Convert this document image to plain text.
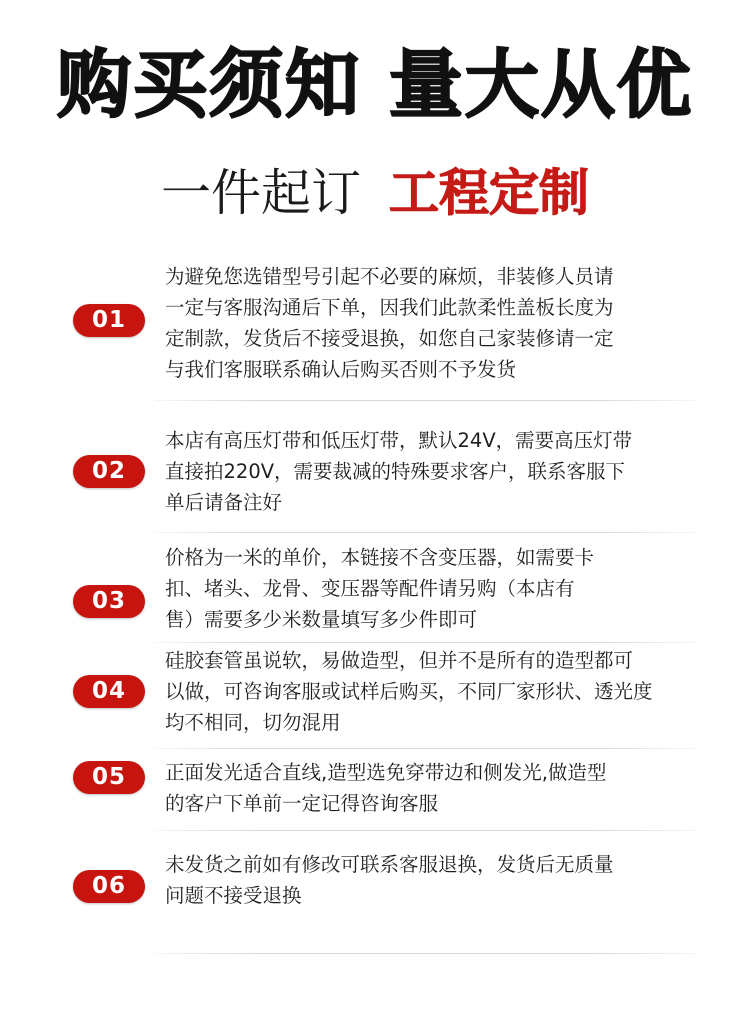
购买须知 量大从优
一件起订 工程定制
01
为避免您选错型号引起不必要的麻烦，非装修人员请
一定与客服沟通后下单，因我们此款柔性盖板长度为
定制款，发货后不接受退换，如您自己家装修请一定
与我们客服联系确认后购买否则不予发货
02
本店有高压灯带和低压灯带，默认24V，需要高压灯带
直接拍220V，需要裁减的特殊要求客户，联系客服下
单后请备注好
03
价格为一米的单价，本链接不含变压器，如需要卡
扣、堵头、龙骨、变压器等配件请另购（本店有
售）需要多少米数量填写多少件即可
04
硅胶套管虽说软，易做造型，但并不是所有的造型都可
以做，可咨询客服或试样后购买，不同厂家形状、透光度
均不相同，切勿混用
05	正面发光适合直线,造型选免穿带边和侧发光,做造型
的客户下单前一定记得咨询客服
06
未发货之前如有修改可联系客服退换，发货后无质量
问题不接受退换
